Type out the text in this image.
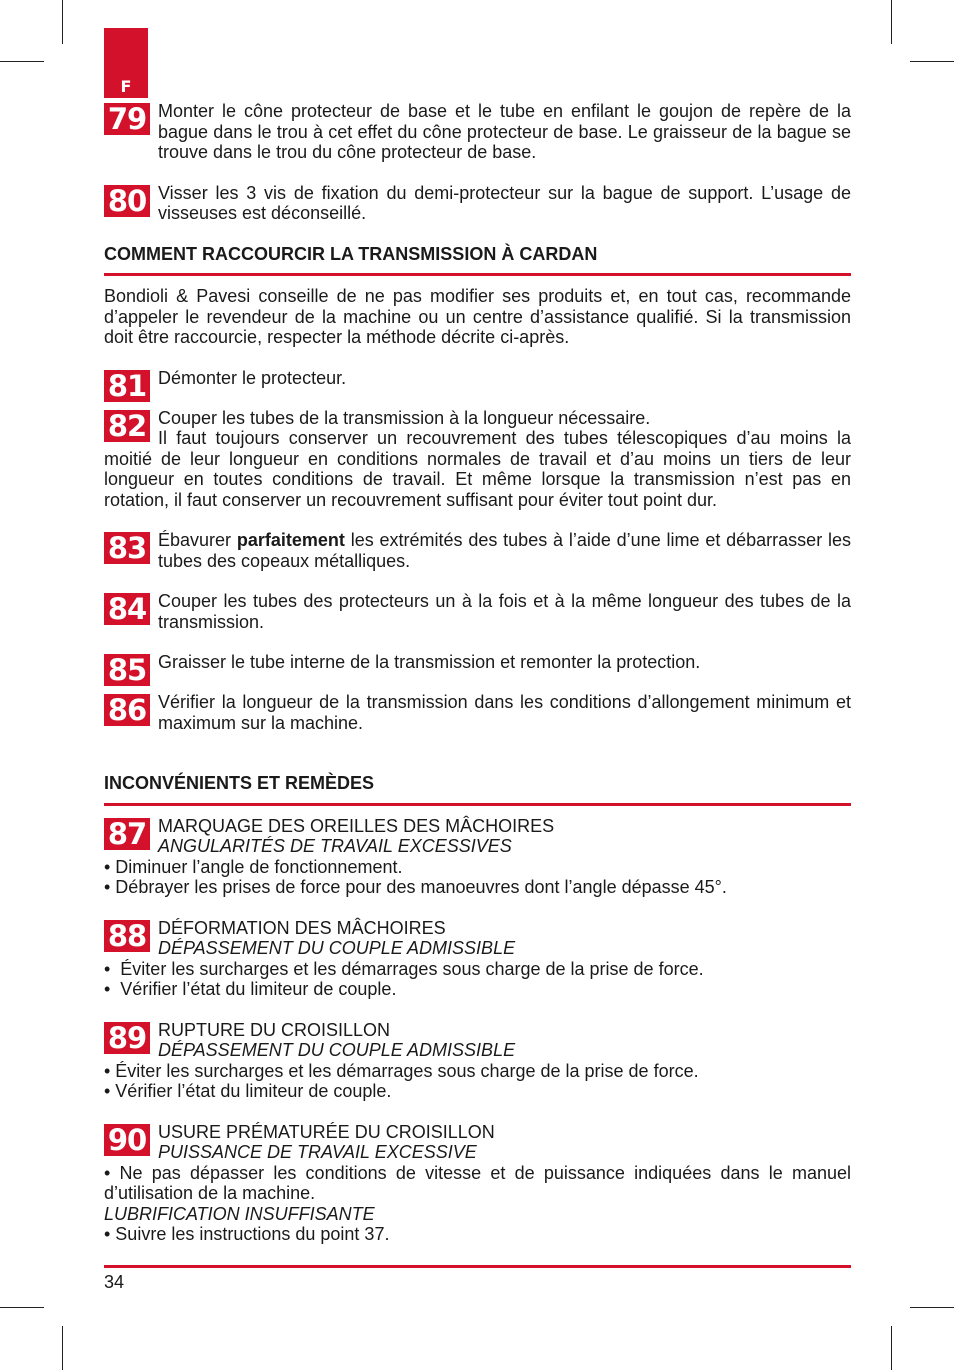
F
79 Monter le cône protecteur de base et le tube en enfilant le goujon de repère de la bague dans le trou à cet effet du cône protecteur de base. Le graisseur de la bague se trouve dans le trou du cône protecteur de base.

80 Visser les 3 vis de fixation du demi-protecteur sur la bague de support. L’usage de visseuses est déconseillé.

COMMENT RACCOURCIR LA TRANSMISSION À CARDAN

Bondioli & Pavesi conseille de ne pas modifier ses produits et, en tout cas, recommande d’appeler le revendeur de la machine ou un centre d’assistance qualifié. Si la transmission doit être raccourcie, respecter la méthode décrite ci-après.

81 Démonter le protecteur.

82 Couper les tubes de la transmission à la longueur nécessaire.

Il faut toujours conserver un recouvrement des tubes télescopiques d’au moins la moitié de leur longueur en conditions normales de travail et d’au moins un tiers de leur longueur en toutes conditions de travail. Et même lorsque la transmission n’est pas en rotation, il faut conserver un recouvrement suffisant pour éviter tout point dur.

83 Ébavurer parfaitement les extrémités des tubes à l’aide d’une lime et débarrasser les tubes des copeaux métalliques.

84 Couper les tubes des protecteurs un à la fois et à la même longueur des tubes de la transmission.

85 Graisser le tube interne de la transmission et remonter la protection.

86 Vérifier la longueur de la transmission dans les conditions d’allongement minimum et maximum sur la machine.

INCONVÉNIENTS ET REMÈDES
87 MARQUAGE DES OREILLES DES MÂCHOIRES

ANGULARITÉS DE TRAVAIL EXCESSIVES

• Diminuer l’angle de fonctionnement.

• Débrayer les prises de force pour des manoeuvres dont l’angle dépasse 45°.

88 DÉFORMATION DES MÂCHOIRES

DÉPASSEMENT DU COUPLE ADMISSIBLE

•  Éviter les surcharges et les démarrages sous charge de la prise de force.

•  Vérifier l’état du limiteur de couple.

89 RUPTURE DU CROISILLON

DÉPASSEMENT DU COUPLE ADMISSIBLE

• Éviter les surcharges et les démarrages sous charge de la prise de force.

• Vérifier l’état du limiteur de couple.

90 USURE PRÉMATURÉE DU CROISILLON

PUISSANCE DE TRAVAIL EXCESSIVE

• Ne pas dépasser les conditions de vitesse et de puissance indiquées dans le manuel d’utilisation de la machine.

LUBRIFICATION INSUFFISANTE

• Suivre les instructions du point 37.

34
